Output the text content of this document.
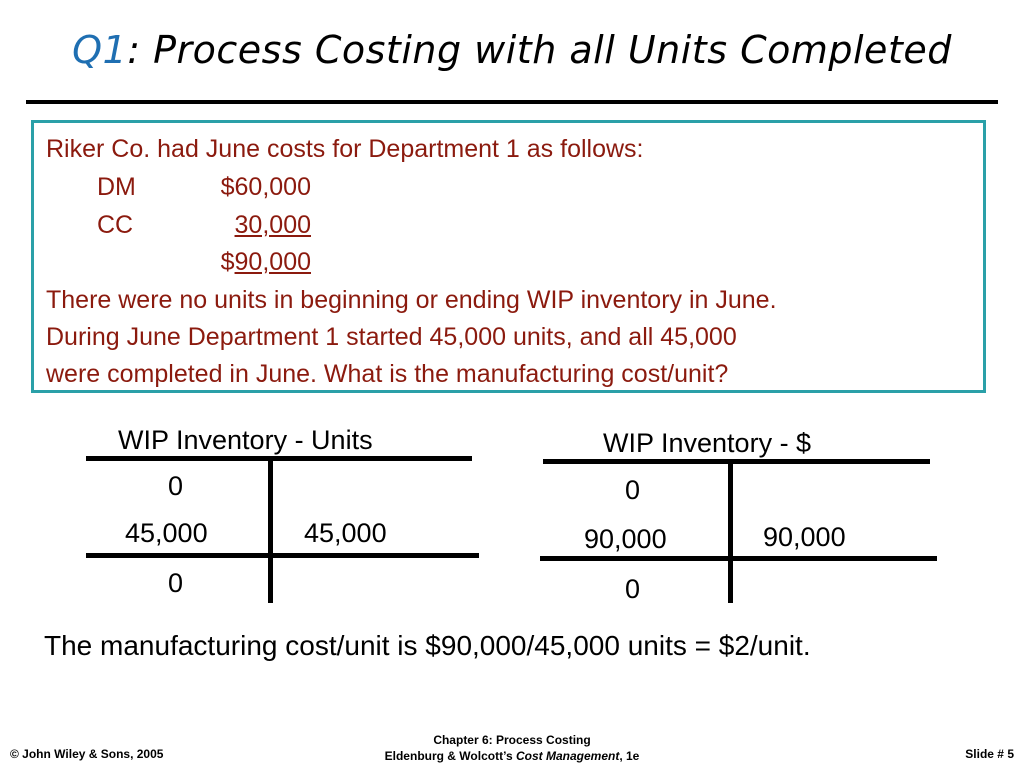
Q1: Process Costing with all Units Completed
Riker Co. had June costs for Department 1 as follows:
DM	$60,000
CC	30,000
$90,000
There were no units in beginning or ending WIP inventory in June.
During June Department 1 started 45,000 units, and all 45,000
were completed in June. What is the manufacturing cost/unit?
WIP Inventory - Units
0
45,000	45,000
0
WIP Inventory - $
0
90,000	90,000
0
The manufacturing cost/unit is $90,000/45,000 units = $2/unit.
© John Wiley & Sons, 2005
Chapter 6: Process Costing
Eldenburg & Wolcott’s Cost Management, 1e	Slide # 5
